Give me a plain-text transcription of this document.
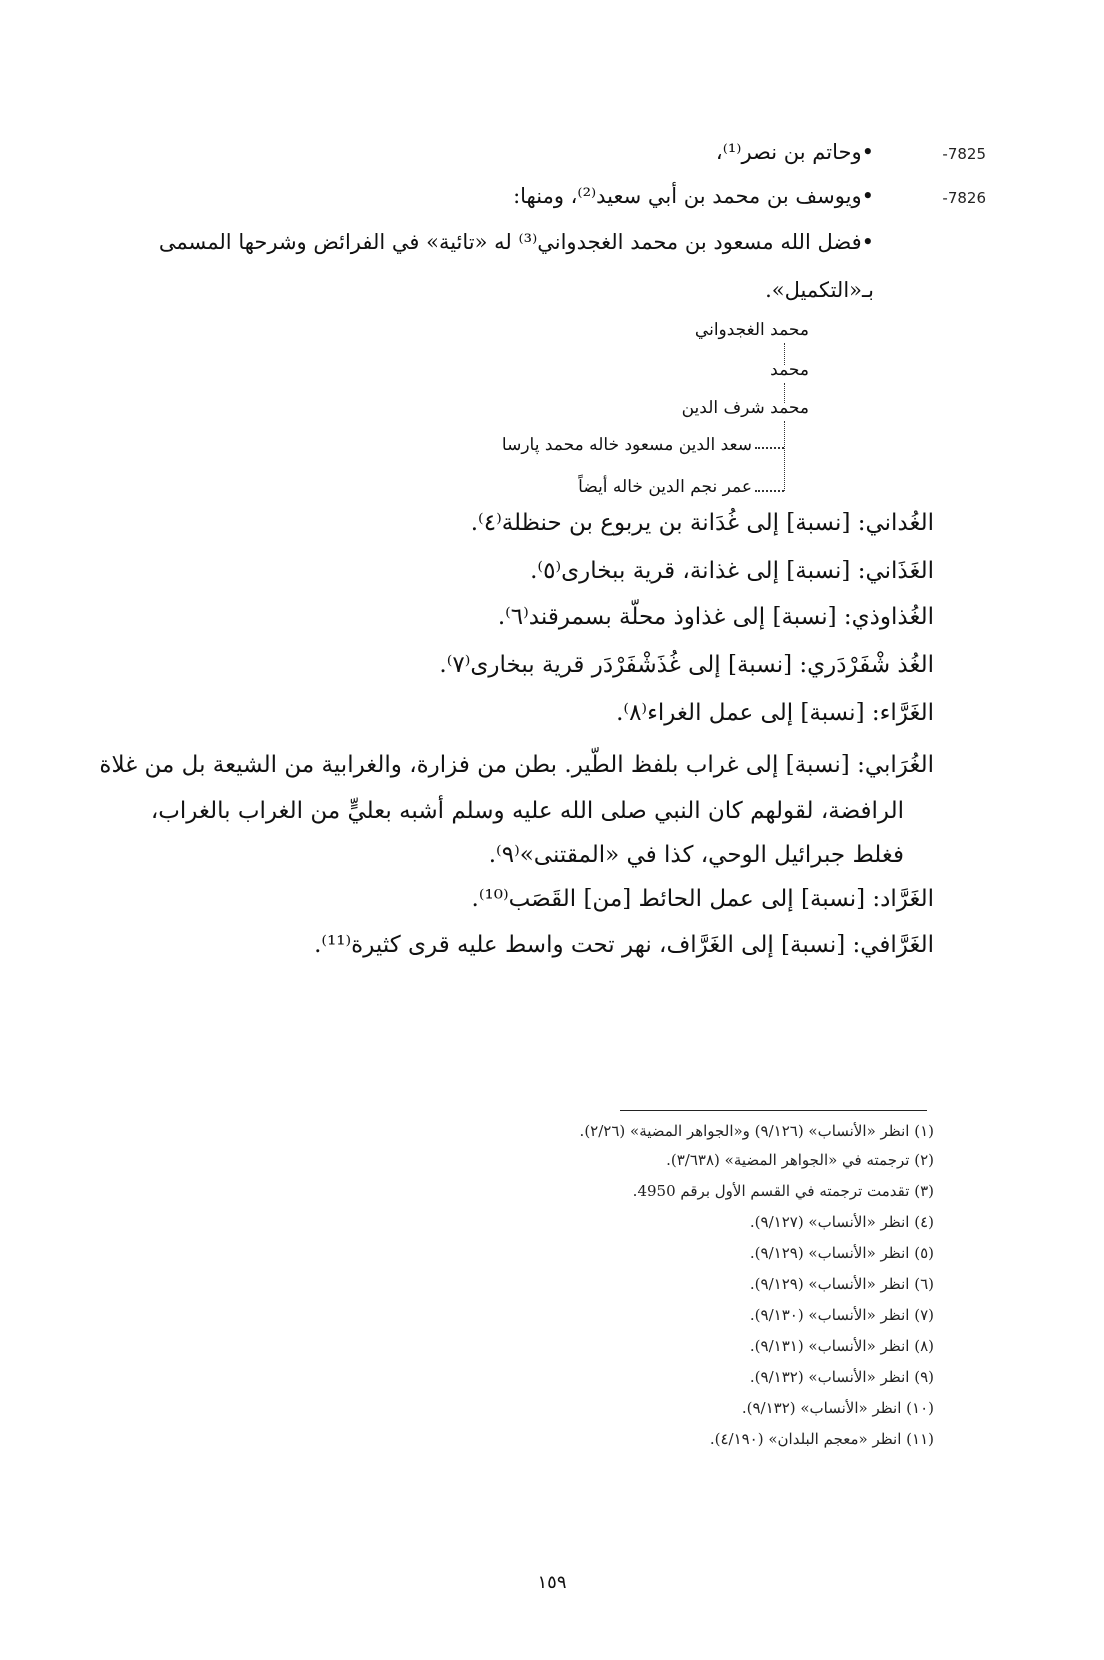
-7825
-7826
•وحاتم بن نصر⁽¹⁾،
•ويوسف بن محمد بن أبي سعيد⁽²⁾، ومنها:
•فضل الله مسعود بن محمد الغجدواني⁽³⁾ له «تائية» في الفرائض وشرحها المسمى
بـ«التكميل».
محمد الغجدواني
محمد
محمد شرف الدين
سعد الدين مسعود خاله محمد پارسا
عمر نجم الدين خاله أيضاً
الغُداني: [نسبة] إلى غُدَانة بن يربوع بن حنظلة⁽٤⁾.
الغَذَاني: [نسبة] إلى غذانة، قرية ببخارى⁽٥⁾.
الغُذاوذي: [نسبة] إلى غذاوذ محلّة بسمرقند⁽٦⁾.
الغُذ شْفَرْدَري: [نسبة] إلى غُذَشْفَرْدَر قرية ببخارى⁽٧⁾.
الغَرَّاء: [نسبة] إلى عمل الغراء⁽٨⁾.
الغُرَابي: [نسبة] إلى غراب بلفظ الطّير. بطن من فزارة، والغرابية من الشيعة بل من غلاة
الرافضة، لقولهم كان النبي صلى الله عليه وسلم أشبه بعليٍّ من الغراب بالغراب،
فغلط جبرائيل الوحي، كذا في «المقتنى»⁽٩⁾.
الغَرَّاد: [نسبة] إلى عمل الحائط [من] القَصَب⁽¹⁰⁾.
الغَرَّافي: [نسبة] إلى الغَرَّاف، نهر تحت واسط عليه قرى كثيرة⁽¹¹⁾.
(١) انظر «الأنساب» (٩/١٢٦) و«الجواهر المضية» (٢/٢٦).
(٢) ترجمته في «الجواهر المضية» (٣/٦٣٨).
(٣) تقدمت ترجمته في القسم الأول برقم 4950.
(٤) انظر «الأنساب» (٩/١٢٧).
(٥) انظر «الأنساب» (٩/١٢٩).
(٦) انظر «الأنساب» (٩/١٢٩).
(٧) انظر «الأنساب» (٩/١٣٠).
(٨) انظر «الأنساب» (٩/١٣١).
(٩) انظر «الأنساب» (٩/١٣٢).
(١٠) انظر «الأنساب» (٩/١٣٢).
(١١) انظر «معجم البلدان» (٤/١٩٠).
١٥٩
